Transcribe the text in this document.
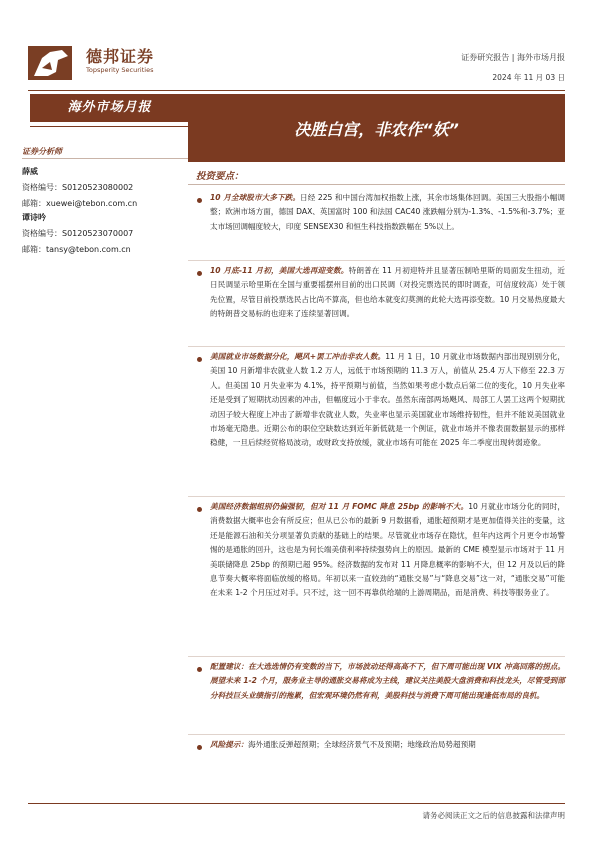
德邦证券
Topsperity Securities
证券研究报告 | 海外市场月报
2024 年 11 月 03 日
海外市场月报
证券分析师
薛威
资格编号：S0120523080002
邮箱：xuewei@tebon.com.cn
谭诗吟
资格编号：S0120523070007
邮箱：tansy@tebon.com.cn
决胜白宫，非农作“妖”
投资要点：
10 月全球股市大多下跌。日经 225 和中国台湾加权指数上涨，其余市场集体回调。美国三大股指小幅调整；欧洲市场方面，德国 DAX、英国富时 100 和法国 CAC40 涨跌幅分别为-1.3%、-1.5%和-3.7%；亚太市场回调幅度较大，印度 SENSEX30 和恒生科技指数跌幅在 5%以上。
10 月底-11 月初，美国大选再迎变数。特朗普在 11 月初迎特并且显著压制哈里斯的局面发生扭动，近日民调显示哈里斯在全国与重要摇摆州目前的出口民调（对投完票选民的即时调查，可信度较高）处于领先位置，尽管目前投票选民占比尚不算高，但也给本就变幻莫测的此轮大选再添变数。10 月交易热度最大的特朗普交易标的也迎来了连续显著回调。
美国就业市场数据分化，飓风+罢工冲击非农人数。11 月 1 日，10 月就业市场数据内部出现别别分化，美国 10 月新增非农就业人数 1.2 万人，远低于市场预期的 11.3 万人，前值从 25.4 万人下修至 22.3 万人。但美国 10 月失业率为 4.1%，持平预期与前值，当然如果考虑小数点后第二位的变化，10 月失业率还是受到了短期扰动因素的冲击，但幅度远小于非农。虽然东南部两场飓风、局部工人罢工这两个短期扰动因子较大程度上冲击了新增非农就业人数，失业率也显示美国就业市场维持韧性，但并不能说美国就业市场毫无隐患。近期公布的职位空缺数达到近年新低就是一个例证，就业市场并不像表面数据显示的那样稳健，一旦后续经贸格局波动，或财政支持放缓，就业市场有可能在 2025 年二季度出现转弱迹象。
美国经济数据组别仍偏强韧，但对 11 月 FOMC 降息 25bp 的影响不大。10 月就业市场分化的同时，消费数据大概率也会有所反应；但从已公布的最新 9 月数据看，通胀超预期才是更加值得关注的变量，这还是能源石油和关分项显著负贡献的基础上的结果。尽管就业市场存在隐忧，但年内这两个月更令市场警惕的是通胀的回升，这也是为何长端美债利率持续强势向上的原因。最新的 CME 模型显示市场对于 11 月美联储降息 25bp 的预期已超 95%。经济数据的发布对 11 月降息概率的影响不大，但 12 月及以后的降息节奏大概率将面临放缓的格局。年初以来一直较劲的“通胀交易”与“降息交易”这一对，“通胀交易”可能在未来 1-2 个月压过对手。只不过，这一回不再靠供给端的上游周期品，而是消费、科技等服务业了。
配置建议：在大选选情仍有变数的当下，市场波动还得高高不下，但下周可能出现 VIX 冲高回落的拐点。展望未来 1-2 个月，服务业主导的通胀交易将成为主线，建议关注美股大盘消费和科技龙头，尽管受到部分科技巨头业绩指引的拖累，但宏观环境仍然有利，美股科技与消费下周可能出现逢低布局的良机。
风险提示：海外通胀反弹超预期；全球经济景气不及预期；地缘政治局势超预期
请务必阅读正文之后的信息披露和法律声明
